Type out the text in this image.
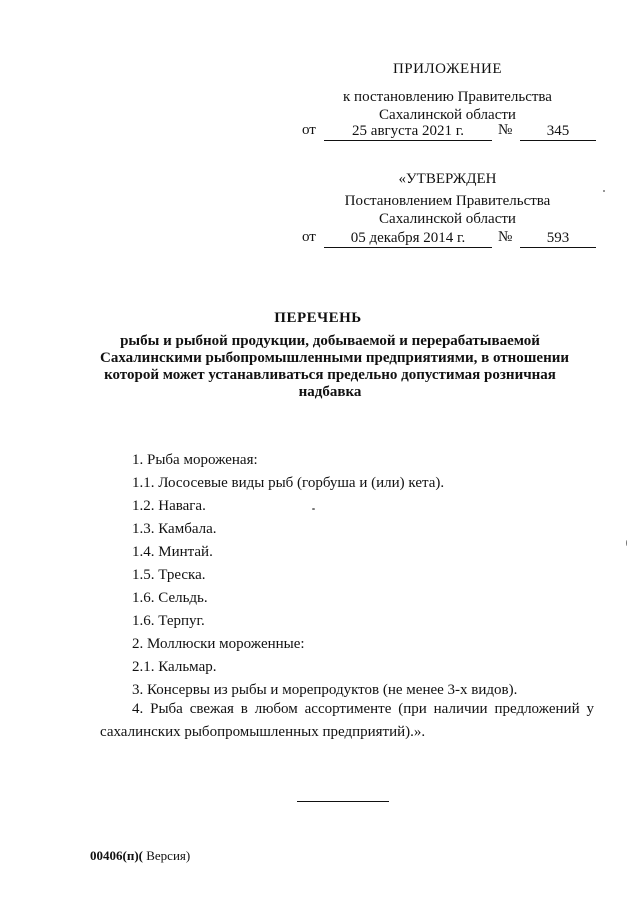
ПРИЛОЖЕНИЕ
к постановлению Правительства
Сахалинской области
от	25 августа 2021 г.	№	345
«УТВЕРЖДЕН
Постановлением Правительства
Сахалинской области
от	05 декабря 2014 г.	№	593
ПЕРЕЧЕНЬ
рыбы и рыбной продукции, добываемой и перерабатываемой
Сахалинскими рыбопромышленными предприятиями, в отношении
которой может устанавливаться предельно допустимая розничная
надбавка
1. Рыба мороженая:
1.1. Лососевые виды рыб (горбуша и (или) кета).
1.2. Навага.
1.3. Камбала.
1.4. Минтай.
1.5. Треска.
1.6. Сельдь.
1.6. Терпуг.
2. Моллюски мороженные:
2.1. Кальмар.
3. Консервы из рыбы и морепродуктов (не менее 3-х видов).
4. Рыба свежая в любом ассортименте (при наличии предложений у
сахалинских рыбопромышленных предприятий).».
00406(п)( Версия)
